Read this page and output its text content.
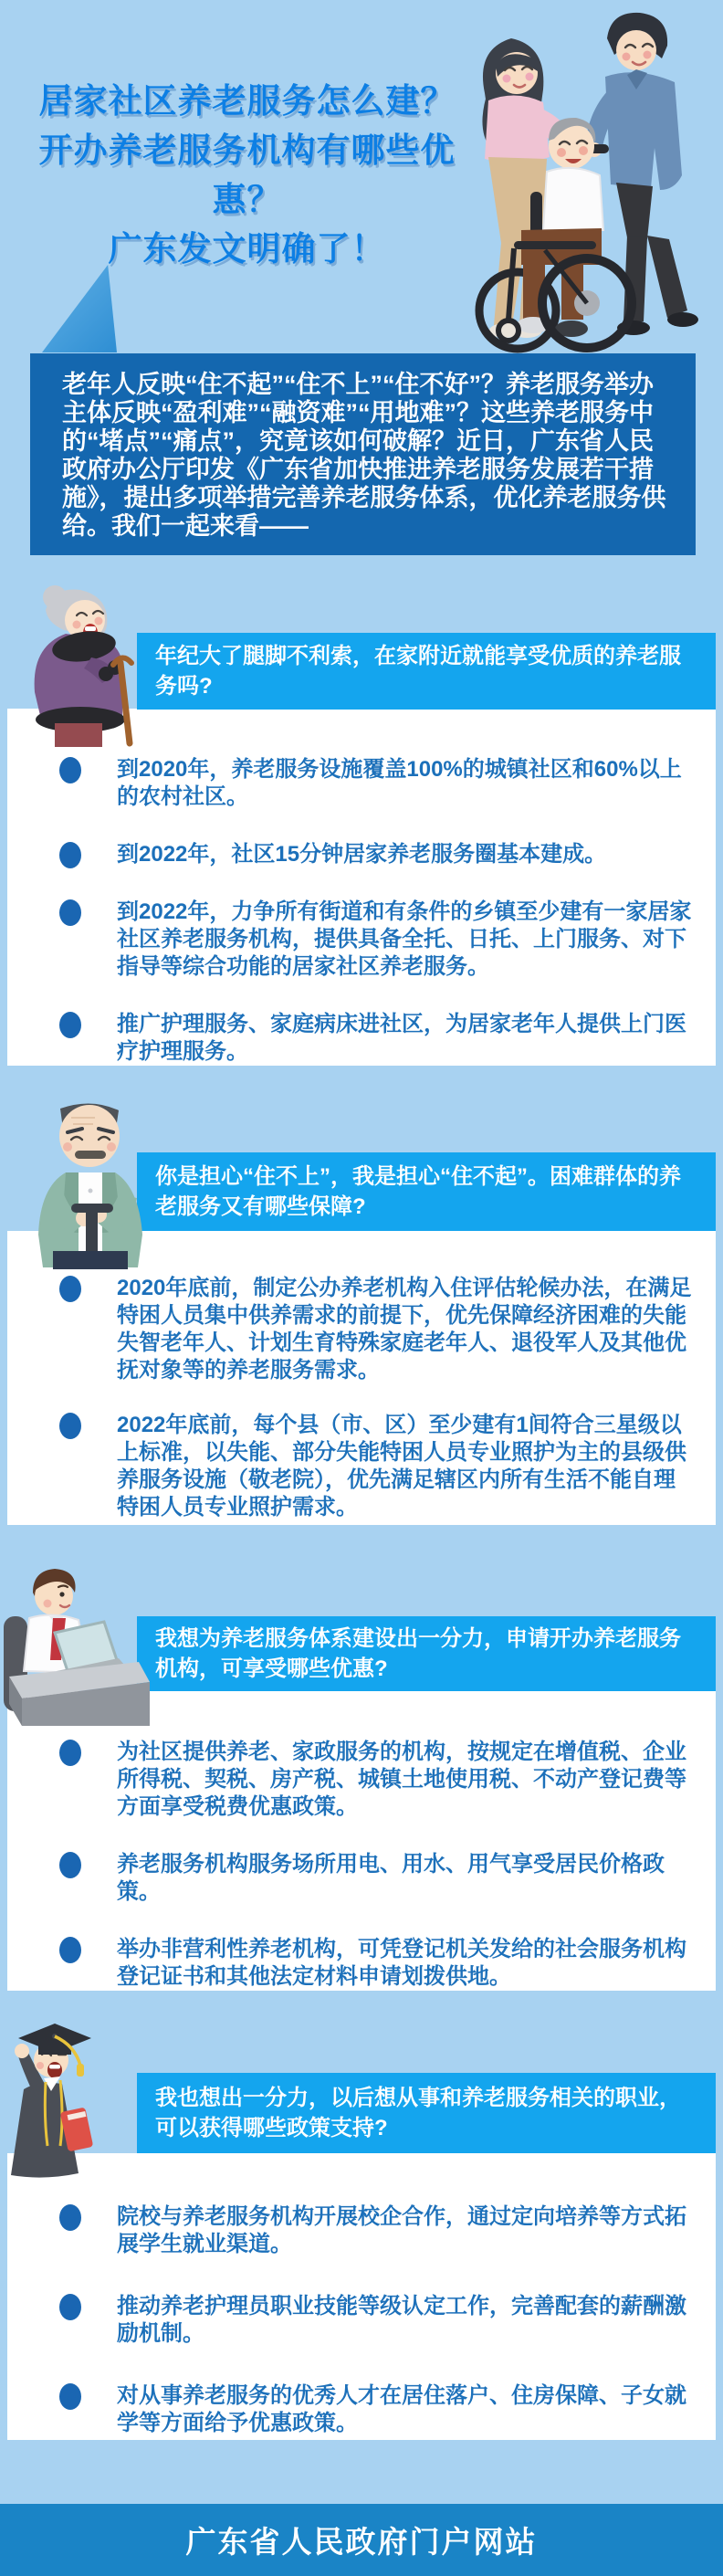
居家社区养老服务怎么建？
开办养老服务机构有哪些优惠？
广东发文明确了！
老年人反映“住不起”“住不上”“住不好”？养老服务举办主体反映“盈利难”“融资难”“用地难”？这些养老服务中的“堵点”“痛点”，究竟该如何破解？近日，广东省人民政府办公厅印发《广东省加快推进养老服务发展若干措施》，提出多项举措完善养老服务体系，优化养老服务供给。我们一起来看——
年纪大了腿脚不利索，在家附近就能享受优质的养老服务吗?
到2020年，养老服务设施覆盖100%的城镇社区和60%以上的农村社区。
到2022年，社区15分钟居家养老服务圈基本建成。
到2022年，力争所有街道和有条件的乡镇至少建有一家居家社区养老服务机构，提供具备全托、日托、上门服务、对下指导等综合功能的居家社区养老服务。
推广护理服务、家庭病床进社区，为居家老年人提供上门医疗护理服务。
你是担心“住不上”，我是担心“住不起”。困难群体的养老服务又有哪些保障?
2020年底前，制定公办养老机构入住评估轮候办法，在满足特困人员集中供养需求的前提下，优先保障经济困难的失能失智老年人、计划生育特殊家庭老年人、退役军人及其他优抚对象等的养老服务需求。
2022年底前，每个县（市、区）至少建有1间符合三星级以上标准，以失能、部分失能特困人员专业照护为主的县级供养服务设施（敬老院），优先满足辖区内所有生活不能自理特困人员专业照护需求。
我想为养老服务体系建设出一分力，申请开办养老服务机构，可享受哪些优惠?
为社区提供养老、家政服务的机构，按规定在增值税、企业所得税、契税、房产税、城镇土地使用税、不动产登记费等方面享受税费优惠政策。
养老服务机构服务场所用电、用水、用气享受居民价格政策。
举办非营利性养老机构，可凭登记机关发给的社会服务机构登记证书和其他法定材料申请划拨供地。
我也想出一分力，以后想从事和养老服务相关的职业，可以获得哪些政策支持?
院校与养老服务机构开展校企合作，通过定向培养等方式拓展学生就业渠道。
推动养老护理员职业技能等级认定工作，完善配套的薪酬激励机制。
对从事养老服务的优秀人才在居住落户、住房保障、子女就学等方面给予优惠政策。
广东省人民政府门户网站
